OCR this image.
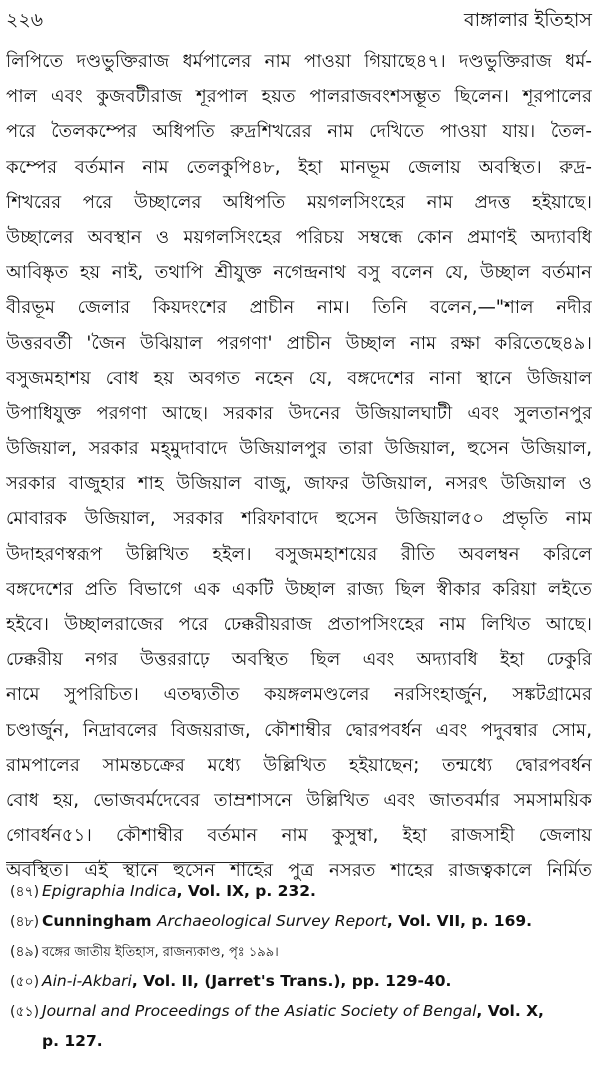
২২৬	বাঙ্গালার ইতিহাস
লিপিতে দণ্ডভুক্তিরাজ ধর্মপালের নাম পাওয়া গিয়াছে৪৭। দণ্ডভুক্তিরাজ ধর্ম-
পাল এবং কুজবটীরাজ শূরপাল হয়ত পালরাজবংশসম্ভূত ছিলেন। শূরপালের
পরে তৈলকম্পের অধিপতি রুদ্রশিখরের নাম দেখিতে পাওয়া যায়। তৈল-
কম্পের বর্তমান নাম তেলকুপি৪৮, ইহা মানভূম জেলায় অবস্থিত। রুদ্র-
শিখরের পরে উচ্ছালের অধিপতি ময়গলসিংহের নাম প্রদত্ত হইয়াছে।
উচ্ছালের অবস্থান ও ময়গলসিংহের পরিচয় সম্বন্ধে কোন প্রমাণই অদ্যাবধি
আবিষ্কৃত হয় নাই, তথাপি শ্রীযুক্ত নগেন্দ্রনাথ বসু বলেন যে, উচ্ছাল বর্তমান
বীরভূম জেলার কিয়দংশের প্রাচীন নাম। তিনি বলেন,—"শাল নদীর
উত্তরবর্তী 'জৈন উঝিয়াল পরগণা' প্রাচীন উচ্ছাল নাম রক্ষা করিতেছে৪৯।
বসুজমহাশয় বোধ হয় অবগত নহেন যে, বঙ্গদেশের নানা স্থানে উজিয়াল
উপাধিযুক্ত পরগণা আছে। সরকার উদনের উজিয়ালঘাটী এবং সুলতানপুর
উজিয়াল, সরকার মহ্‌মুদাবাদে উজিয়ালপুর তারা উজিয়াল, হুসেন উজিয়াল,
সরকার বাজুহার শাহ উজিয়াল বাজু, জাফর উজিয়াল, নসরৎ উজিয়াল ও
মোবারক উজিয়াল, সরকার শরিফাবাদে হুসেন উজিয়াল৫০ প্রভৃতি নাম
উদাহরণস্বরূপ উল্লিখিত হইল। বসুজমহাশয়ের রীতি অবলম্বন করিলে
বঙ্গদেশের প্রতি বিভাগে এক একটি উচ্ছাল রাজ্য ছিল স্বীকার করিয়া লইতে
হইবে। উচ্ছালরাজের পরে ঢেক্করীয়রাজ প্রতাপসিংহের নাম লিখিত আছে।
ঢেক্করীয় নগর উত্তররাঢ়ে অবস্থিত ছিল এবং অদ্যাবধি ইহা ঢেকুরি
নামে সুপরিচিত। এতদ্ব্যতীত কয়ঙ্গলমণ্ডলের নরসিংহার্জুন, সঙ্কটগ্রামের
চণ্ডার্জুন, নিদ্রাবলের বিজয়রাজ, কৌশাম্বীর দ্বোরপবর্ধন এবং পদুবন্বার সোম,
রামপালের সামন্তচক্রের মধ্যে উল্লিখিত হইয়াছেন; তন্মধ্যে দ্বোরপবর্ধন
বোধ হয়, ভোজবর্মদেবের তাম্রশাসনে উল্লিখিত এবং জাতবর্মার সমসাময়িক
গোবর্ধন৫১। কৌশাম্বীর বর্তমান নাম কুসুম্বা, ইহা রাজসাহী জেলায়
অবস্থিত। এই স্থানে হুসেন শাহের পুত্র নসরত শাহের রাজত্বকালে নির্মিত
(৪৭) Epigraphia Indica, Vol. IX, p. 232.
(৪৮) Cunningham Archaeological Survey Report, Vol. VII, p. 169.
(৪৯) বঙ্গের জাতীয় ইতিহাস, রাজন্যকাণ্ড, পৃঃ ১৯৯।
(৫০) Ain-i-Akbari, Vol. II, (Jarret's Trans.), pp. 129-40.
(৫১) Journal and Proceedings of the Asiatic Society of Bengal, Vol. X,
p. 127.
